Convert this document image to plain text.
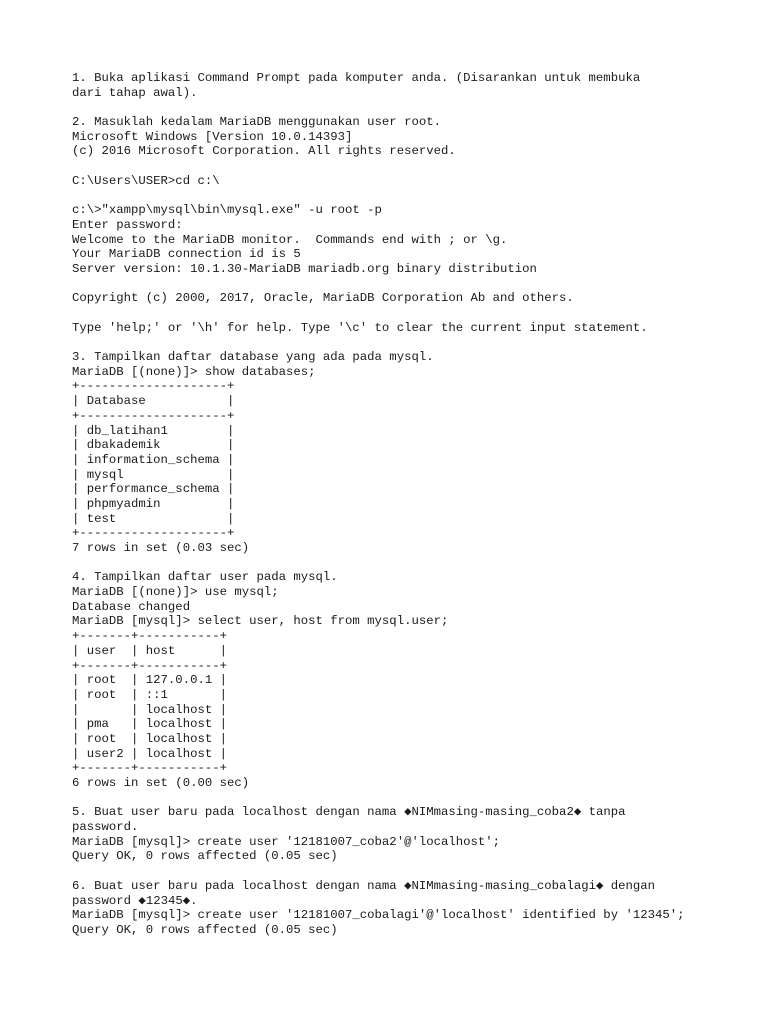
1. Buka aplikasi Command Prompt pada komputer anda. (Disarankan untuk membuka
dari tahap awal).
2. Masuklah kedalam MariaDB menggunakan user root.
Microsoft Windows [Version 10.0.14393]
(c) 2016 Microsoft Corporation. All rights reserved.
C:\Users\USER>cd c:\
c:\>"xampp\mysql\bin\mysql.exe" -u root -p
Enter password:
Welcome to the MariaDB monitor.  Commands end with ; or \g.
Your MariaDB connection id is 5
Server version: 10.1.30-MariaDB mariadb.org binary distribution
Copyright (c) 2000, 2017, Oracle, MariaDB Corporation Ab and others.
Type 'help;' or '\h' for help. Type '\c' to clear the current input statement.
3. Tampilkan daftar database yang ada pada mysql.
MariaDB [(none)]> show databases;
+--------------------+
| Database           |
+--------------------+
| db_latihan1        |
| dbakademik         |
| information_schema |
| mysql              |
| performance_schema |
| phpmyadmin         |
| test               |
+--------------------+
7 rows in set (0.03 sec)
4. Tampilkan daftar user pada mysql.
MariaDB [(none)]> use mysql;
Database changed
MariaDB [mysql]> select user, host from mysql.user;
+-------+-----------+
| user  | host      |
+-------+-----------+
| root  | 127.0.0.1 |
| root  | ::1       |
|       | localhost |
| pma   | localhost |
| root  | localhost |
| user2 | localhost |
+-------+-----------+
6 rows in set (0.00 sec)
5. Buat user baru pada localhost dengan nama ◆NIMmasing-masing_coba2◆ tanpa
password.
MariaDB [mysql]> create user '12181007_coba2'@'localhost';
Query OK, 0 rows affected (0.05 sec)
6. Buat user baru pada localhost dengan nama ◆NIMmasing-masing_cobalagi◆ dengan
password ◆12345◆.
MariaDB [mysql]> create user '12181007_cobalagi'@'localhost' identified by '12345';
Query OK, 0 rows affected (0.05 sec)
